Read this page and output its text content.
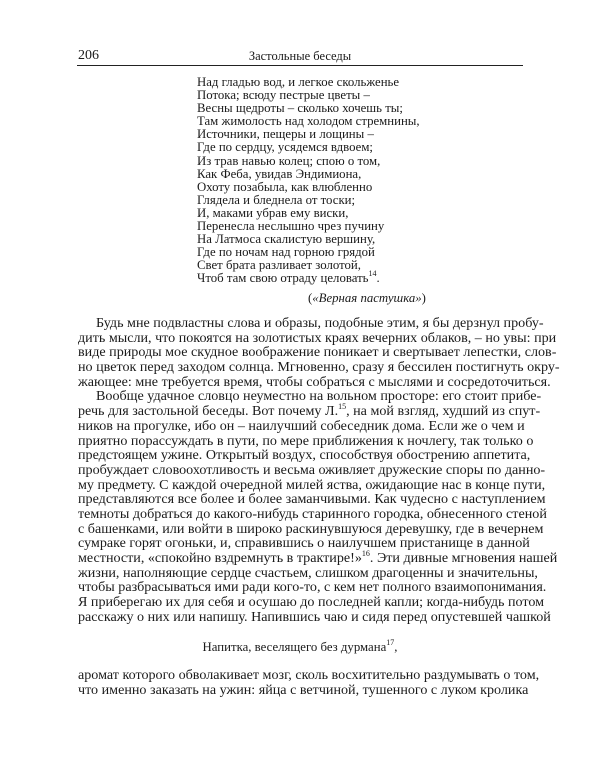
206	Застольные беседы
Над гладью вод, и легкое скольженье
Потока; всюду пестрые цветы –
Весны щедроты – сколько хочешь ты;
Там жимолость над холодом стремнины,
Источники, пещеры и лощины –
Где по сердцу, усядемся вдвоем;
Из трав навью колец; спою о том,
Как Феба, увидав Эндимиона,
Охоту позабыла, как влюбленно
Глядела и бледнела от тоски;
И, маками убрав ему виски,
Перенесла неслышно чрез пучину
На Латмоса скалистую вершину,
Где по ночам над горною грядой
Свет брата разливает золотой,
Чтоб там свою отраду целовать$^{14}$.
(«Верная пастушка»)
Будь мне подвластны слова и образы, подобные этим, я бы дерзнул пробу-
дить мысли, что покоятся на золотистых краях вечерних облаков, – но увы: при
виде природы мое скудное воображение поникает и свертывает лепестки, слов-
но цветок перед заходом солнца. Мгновенно, сразу я бессилен постигнуть окру-
жающее: мне требуется время, чтобы собраться с мыслями и сосредоточиться.
Вообще удачное словцо неуместно на вольном просторе: его стоит прибе-
речь для застольной беседы. Вот почему Л.$^{15}$, на мой взгляд, худший из спут-
ников на прогулке, ибо он – наилучший собеседник дома. Если же о чем и
приятно порассуждать в пути, по мере приближения к ночлегу, так только о
предстоящем ужине. Открытый воздух, способствуя обострению аппетита,
пробуждает словоохотливость и весьма оживляет дружеские споры по данно-
му предмету. С каждой очередной милей яства, ожидающие нас в конце пути,
представляются все более и более заманчивыми. Как чудесно с наступлением
темноты добраться до какого-нибудь старинного городка, обнесенного стеной
с башенками, или войти в широко раскинувшуюся деревушку, где в вечернем
сумраке горят огоньки, и, справившись о наилучшем пристанище в данной
местности, «спокойно вздремнуть в трактире!»$^{16}$. Эти дивные мгновения нашей
жизни, наполняющие сердце счастьем, слишком драгоценны и значительны,
чтобы разбрасываться ими ради кого-то, с кем нет полного взаимопонимания.
Я приберегаю их для себя и осушаю до последней капли; когда-нибудь потом
расскажу о них или напишу. Напившись чаю и сидя перед опустевшей чашкой
Напитка, веселящего без дурмана$^{17}$,
аромат которого обволакивает мозг, сколь восхитительно раздумывать о том,
что именно заказать на ужин: яйца с ветчиной, тушенного с луком кролика
